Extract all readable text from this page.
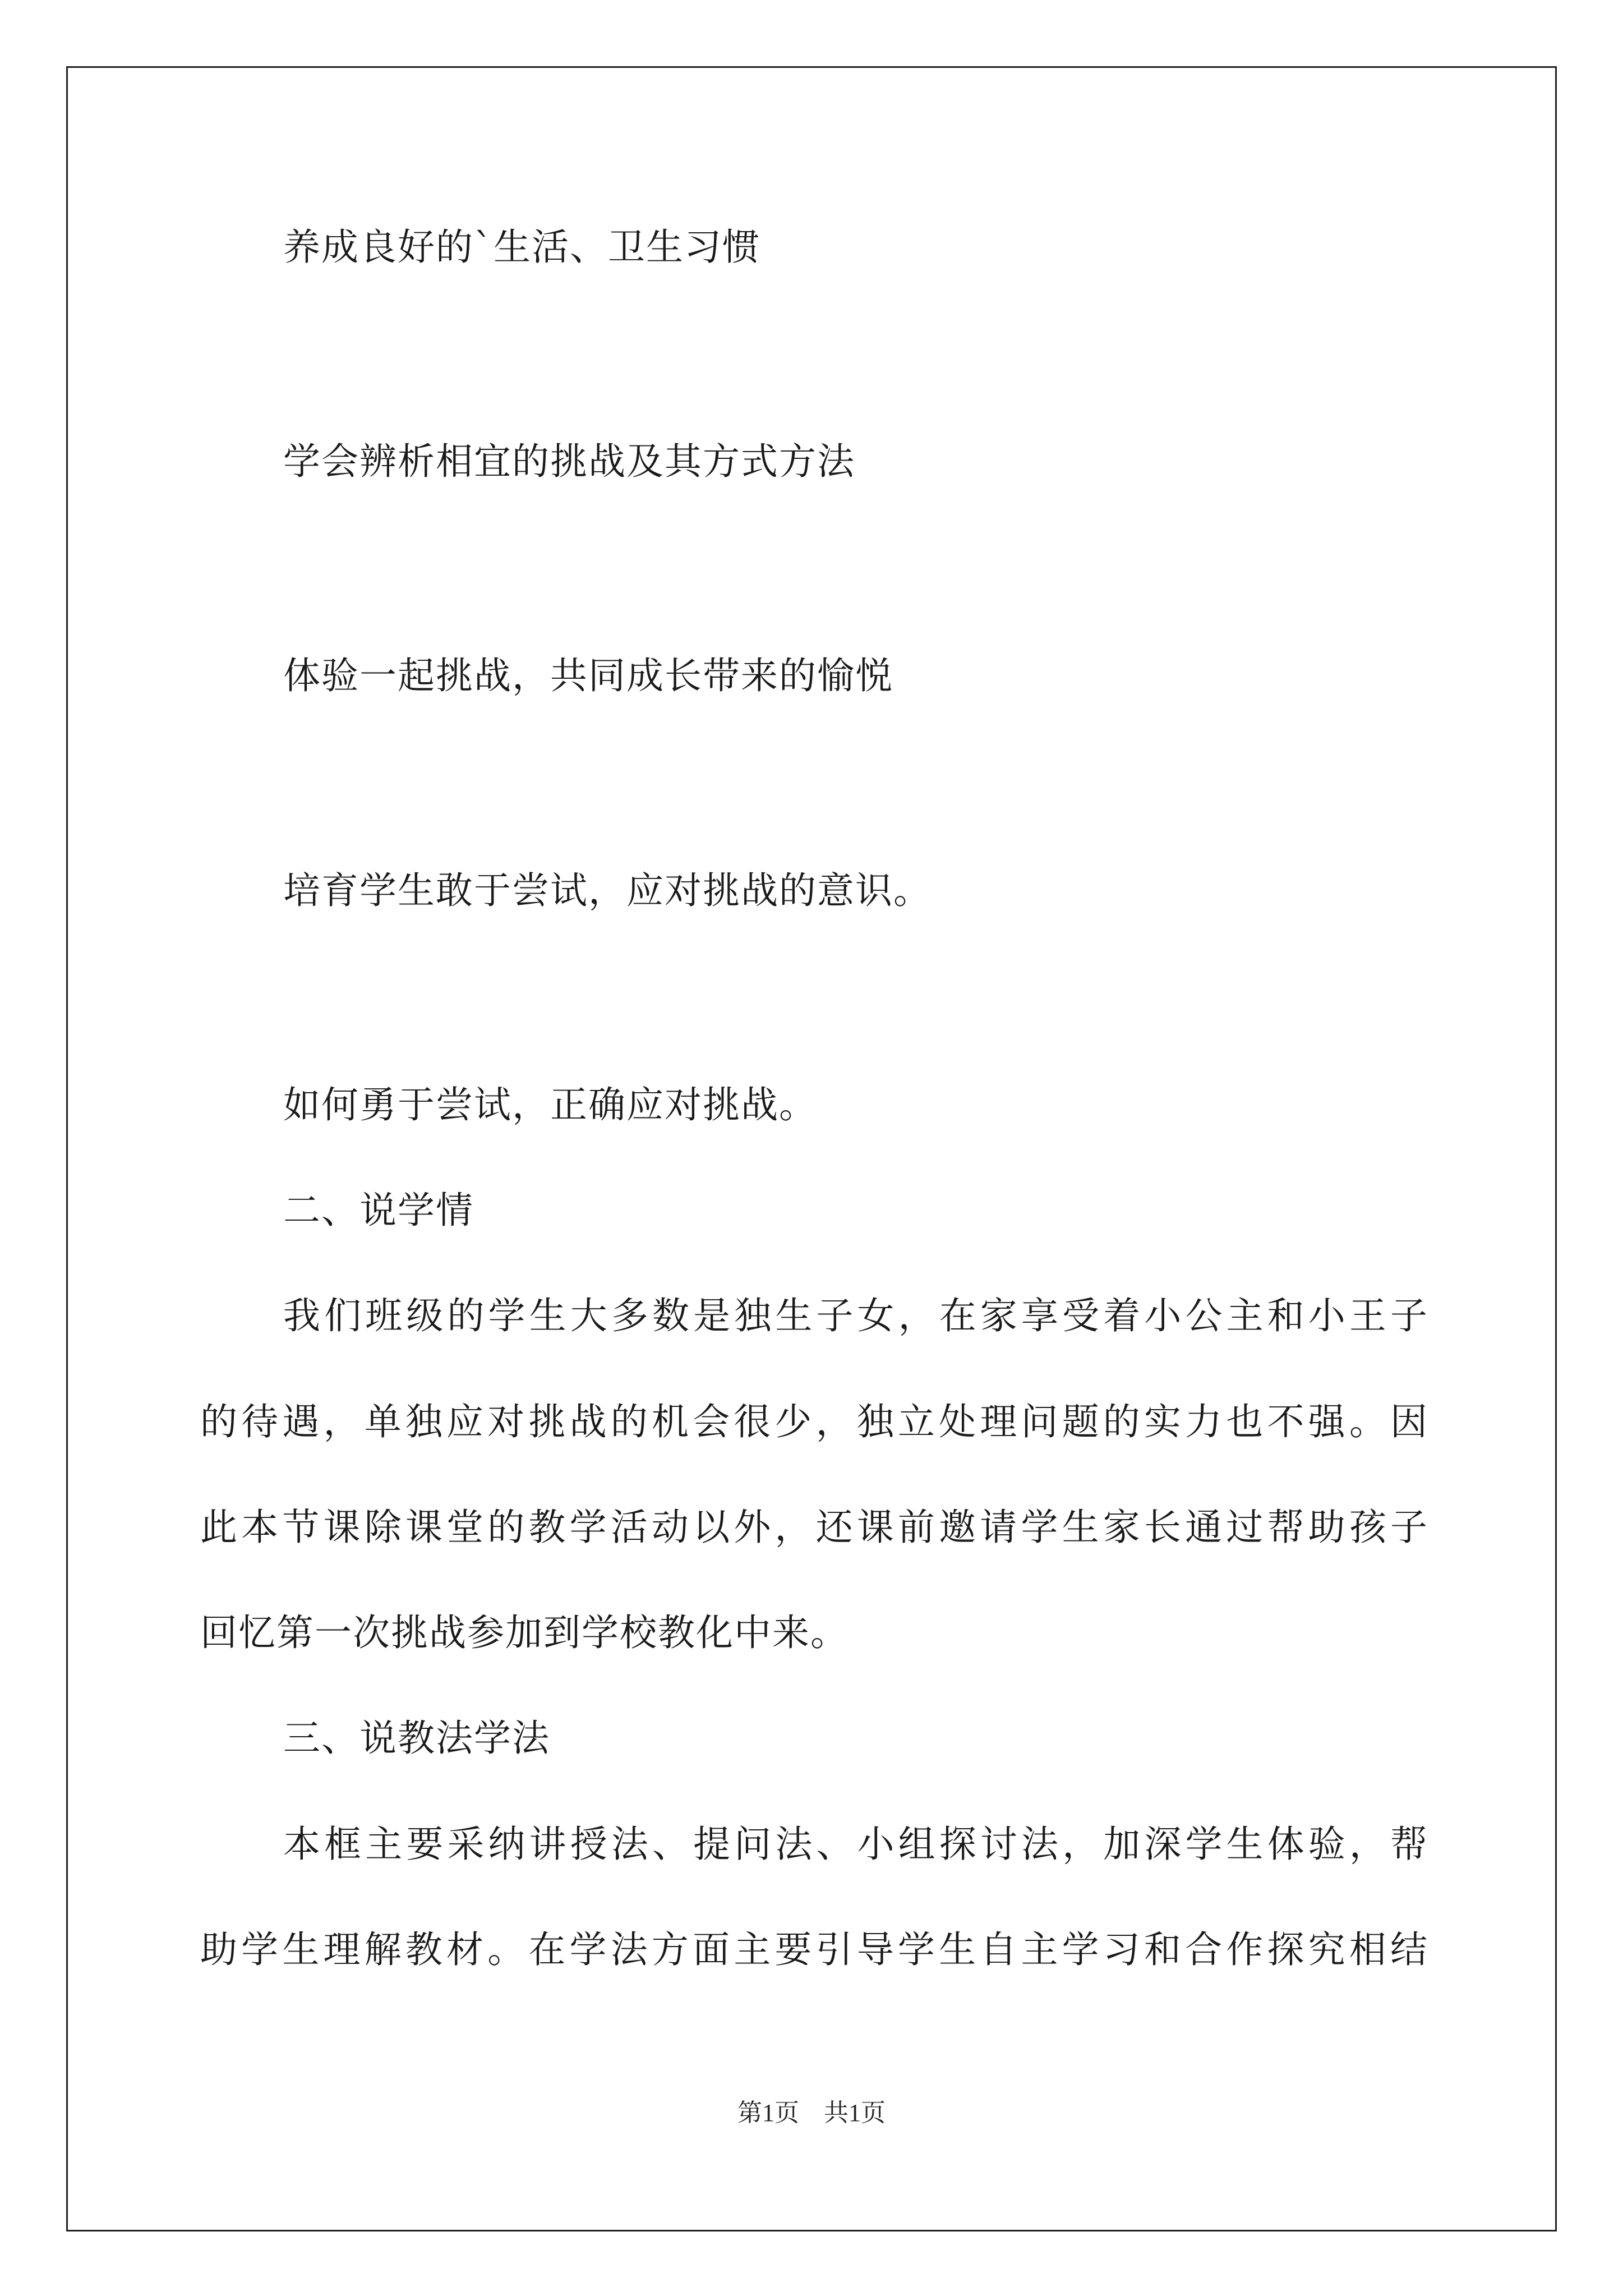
养成良好的`生活、卫生习惯

学会辨析相宜的挑战及其方式方法

体验一起挑战，共同成长带来的愉悦

培育学生敢于尝试，应对挑战的意识。

如何勇于尝试，正确应对挑战。

二、说学情

我们班级的学生大多数是独生子女，在家享受着小公主和小王子

的待遇，单独应对挑战的机会很少，独立处理问题的实力也不强。因

此本节课除课堂的教学活动以外，还课前邀请学生家长通过帮助孩子

回忆第一次挑战参加到学校教化中来。

三、说教法学法

本框主要采纳讲授法、提问法、小组探讨法，加深学生体验，帮

助学生理解教材。在学法方面主要引导学生自主学习和合作探究相结

第1页 共1页
